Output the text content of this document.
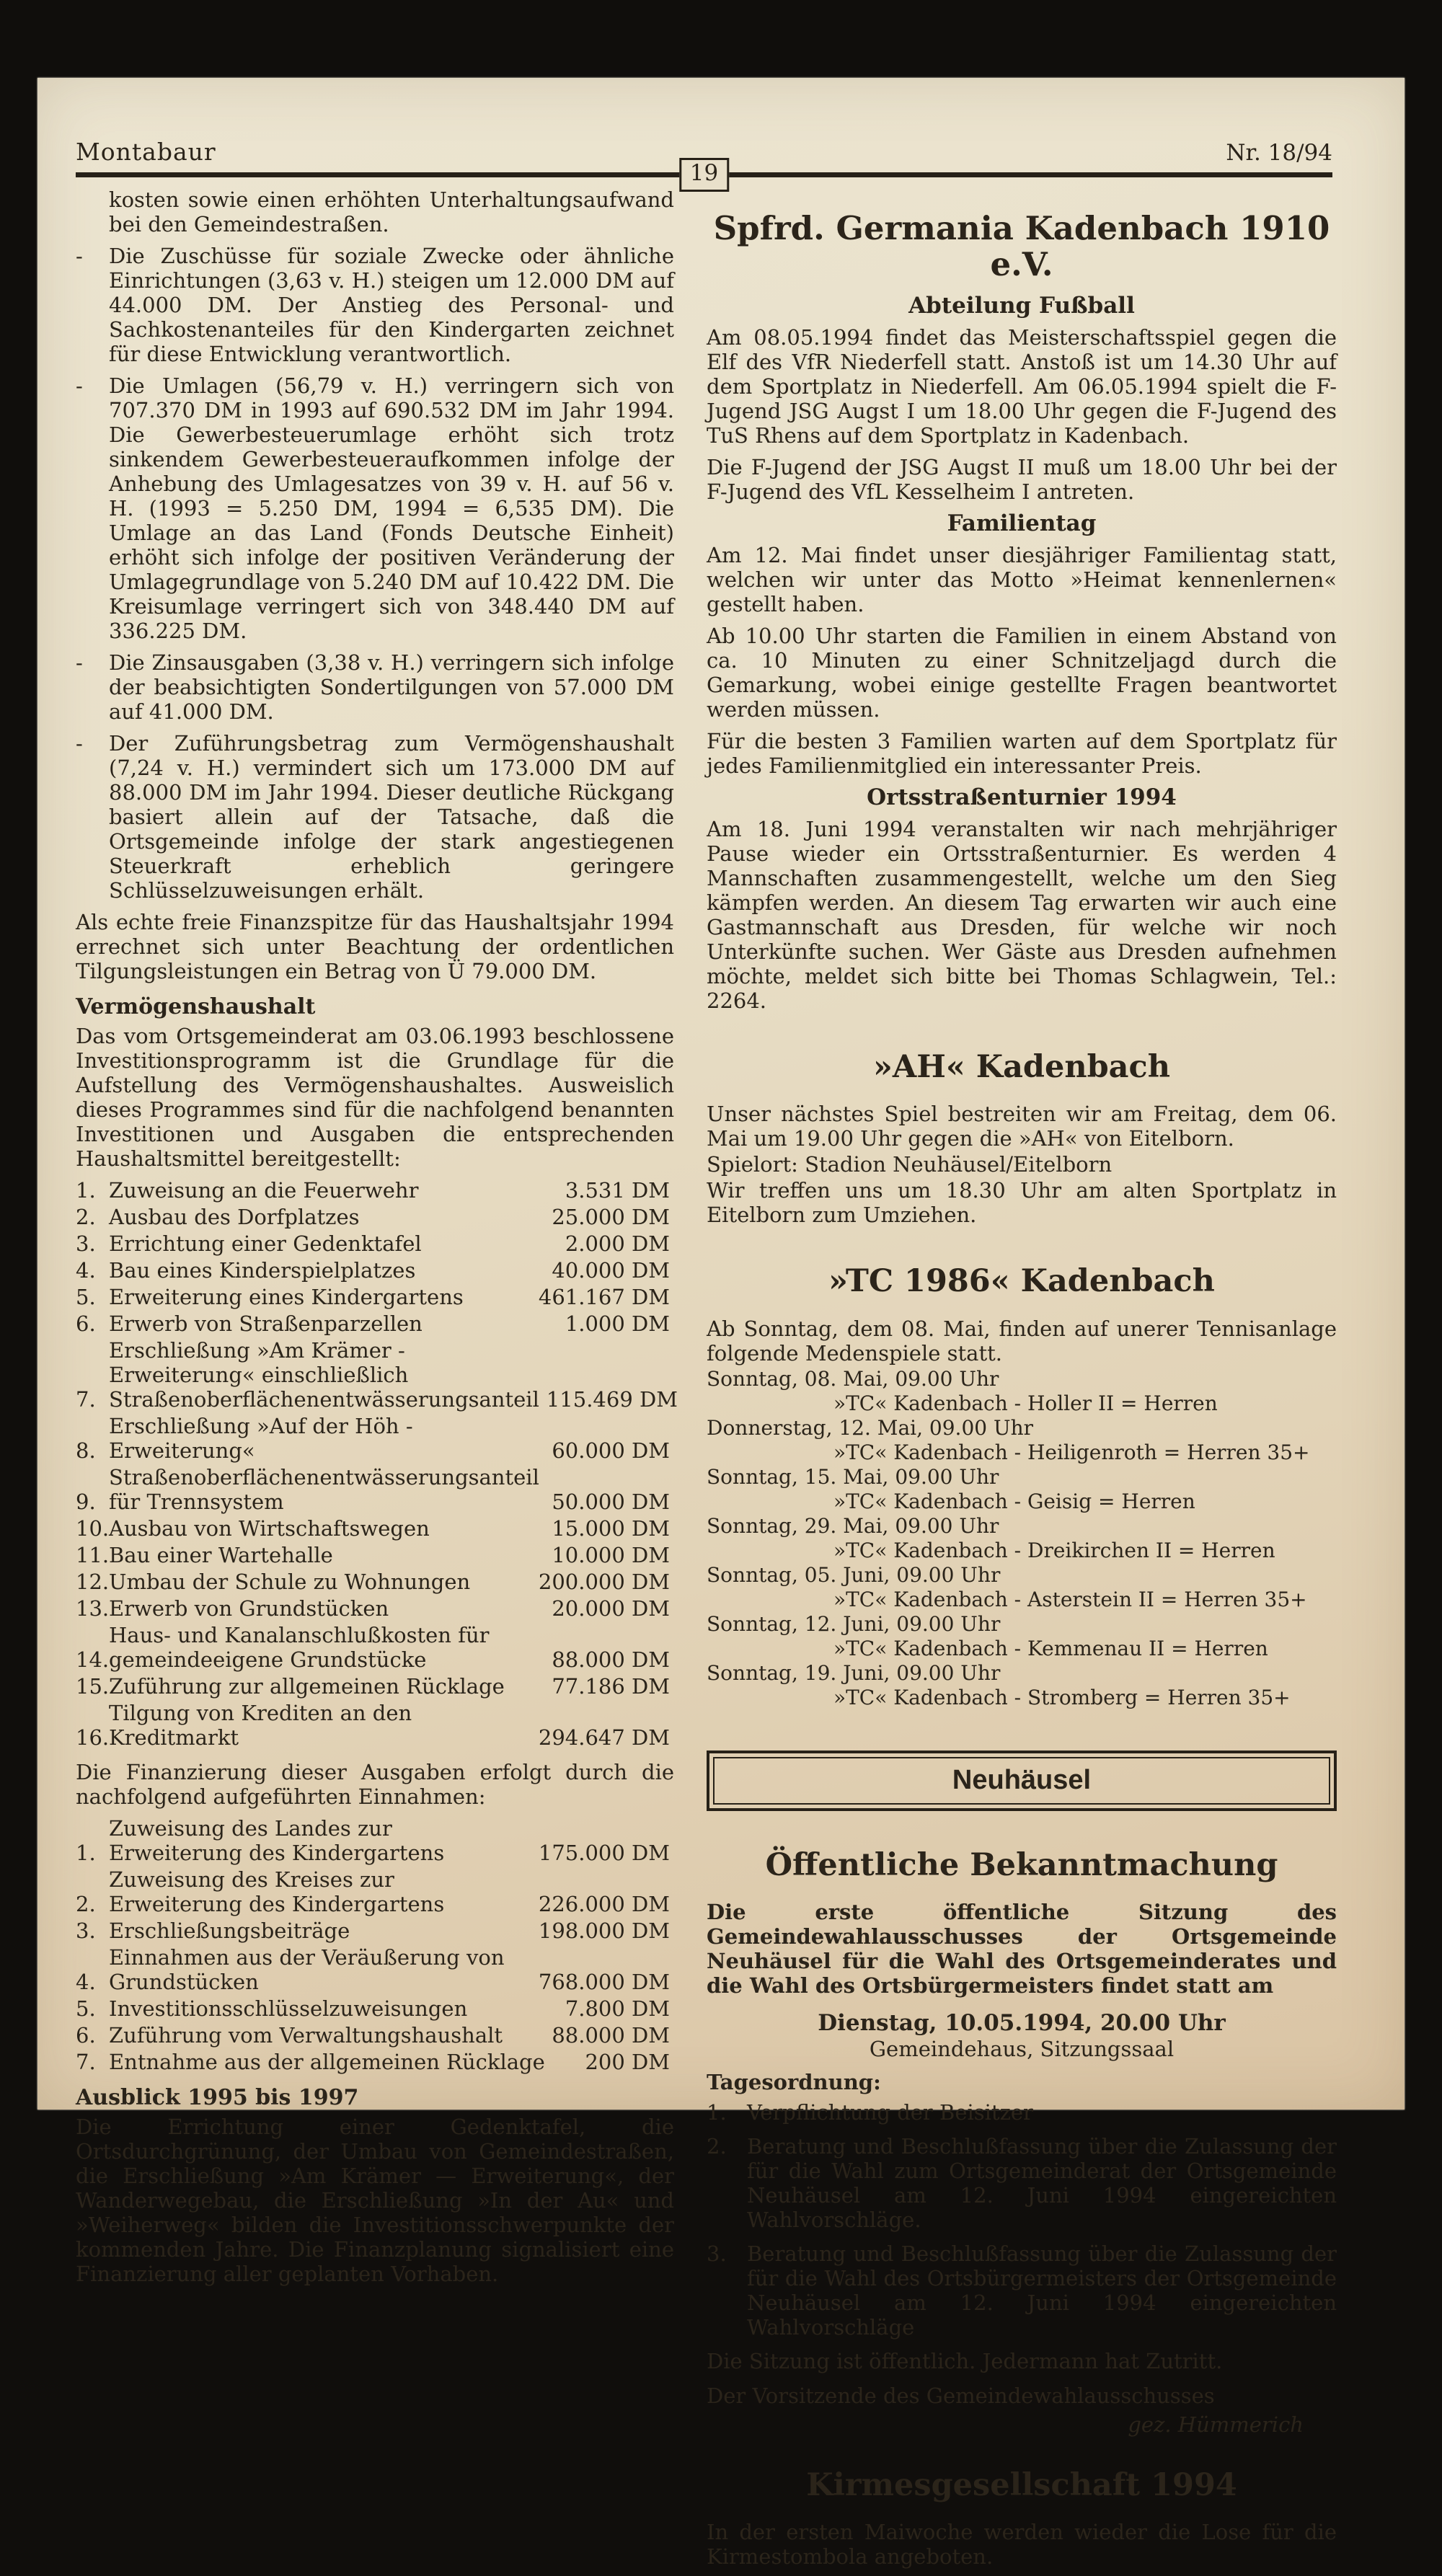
Montabaur	Nr. 18/94
19

kosten sowie einen erhöhten Unterhaltungsaufwand bei den Gemeindestraßen.

-	Die Zuschüsse für soziale Zwecke oder ähnliche Einrichtungen (3,63 v. H.) steigen um 12.000 DM auf 44.000 DM. Der Anstieg des Personal- und Sachkostenanteiles für den Kindergarten zeichnet für diese Entwicklung verantwortlich.
-	Die Umlagen (56,79 v. H.) verringern sich von 707.370 DM in 1993 auf 690.532 DM im Jahr 1994. Die Gewerbesteuerumlage erhöht sich trotz sinkendem Gewerbesteueraufkommen infolge der Anhebung des Umlagesatzes von 39 v. H. auf 56 v. H. (1993 = 5.250 DM, 1994 = 6,535 DM). Die Umlage an das Land (Fonds Deutsche Einheit) erhöht sich infolge der positiven Veränderung der Umlagegrundlage von 5.240 DM auf 10.422 DM. Die Kreisumlage verringert sich von 348.440 DM auf 336.225 DM.
-	Die Zinsausgaben (3,38 v. H.) verringern sich infolge der beabsichtigten Sondertilgungen von 57.000 DM auf 41.000 DM.
-	Der Zuführungsbetrag zum Vermögenshaushalt (7,24 v. H.) vermindert sich um 173.000 DM auf 88.000 DM im Jahr 1994. Dieser deutliche Rückgang basiert allein auf der Tatsache, daß die Ortsgemeinde infolge der stark angestiegenen Steuerkraft erheblich geringere Schlüsselzuweisungen erhält.

Als echte freie Finanzspitze für das Haushaltsjahr 1994 errechnet sich unter Beachtung der ordentlichen Tilgungsleistungen ein Betrag von Ü 79.000 DM.

Vermögenshaushalt

Das vom Ortsgemeinderat am 03.06.1993 beschlossene Investitionsprogramm ist die Grundlage für die Aufstellung des Vermögenshaushaltes. Ausweislich dieses Programmes sind für die nachfolgend benannten Investitionen und Ausgaben die entsprechenden Haushaltsmittel bereitgestellt:

1. Zuweisung an die Feuerwehr	3.531 DM
2. Ausbau des Dorfplatzes	25.000 DM
3. Errichtung einer Gedenktafel	2.000 DM
4. Bau eines Kinderspielplatzes	40.000 DM
5. Erweiterung eines Kindergartens	461.167 DM
6. Erwerb von Straßenparzellen	1.000 DM
7.
Erschließung »Am Krämer - Erweiterung« einschließlich Straßenoberflächenentwässerungsanteil 115.469 DM
8.
Erschließung »Auf der Höh - Erweiterung«	60.000 DM
9.
Straßenoberflächenentwässerungsanteil für Trennsystem	50.000 DM
10. Ausbau von Wirtschaftswegen	15.000 DM
11. Bau einer Wartehalle	10.000 DM
12. Umbau der Schule zu Wohnungen	200.000 DM
13. Erwerb von Grundstücken	20.000 DM
14.
Haus- und Kanalanschlußkosten für gemeindeeigene Grundstücke	88.000 DM
15. Zuführung zur allgemeinen Rücklage	77.186 DM
16.
Tilgung von Krediten an den Kreditmarkt	294.647 DM

Die Finanzierung dieser Ausgaben erfolgt durch die nachfolgend aufgeführten Einnahmen:

1.
Zuweisung des Landes zur Erweiterung des Kindergartens	175.000 DM
2.
Zuweisung des Kreises zur Erweiterung des Kindergartens	226.000 DM
3. Erschließungsbeiträge	198.000 DM
4.
Einnahmen aus der Veräußerung von Grundstücken	768.000 DM
5. Investitionsschlüsselzuweisungen	7.800 DM
6. Zuführung vom Verwaltungshaushalt	88.000 DM
7. Entnahme aus der allgemeinen Rücklage	200 DM
Ausblick 1995 bis 1997

Die Errichtung einer Gedenktafel, die Ortsdurchgrünung, der Umbau von Gemeindestraßen, die Erschließung »Am Krämer — Erweiterung«, der Wanderwegebau, die Erschließung »In der Au« und »Weiherweg« bilden die Investitionsschwerpunkte der kommenden Jahre. Die Finanzplanung signalisiert eine Finanzierung aller geplanten Vorhaben.

Spfrd. Germania Kadenbach 1910 e.V.
Abteilung Fußball

Am 08.05.1994 findet das Meisterschaftsspiel gegen die Elf des VfR Niederfell statt. Anstoß ist um 14.30 Uhr auf dem Sportplatz in Niederfell. Am 06.05.1994 spielt die F-Jugend JSG Augst I um 18.00 Uhr gegen die F-Jugend des TuS Rhens auf dem Sportplatz in Kadenbach.

Die F-Jugend der JSG Augst II muß um 18.00 Uhr bei der F-Jugend des VfL Kesselheim I antreten.

Familientag

Am 12. Mai findet unser diesjähriger Familientag statt, welchen wir unter das Motto »Heimat kennenlernen« gestellt haben.

Ab 10.00 Uhr starten die Familien in einem Abstand von ca. 10 Minuten zu einer Schnitzeljagd durch die Gemarkung, wobei einige gestellte Fragen beantwortet werden müssen.

Für die besten 3 Familien warten auf dem Sportplatz für jedes Familienmitglied ein interessanter Preis.

Ortsstraßenturnier 1994

Am 18. Juni 1994 veranstalten wir nach mehrjähriger Pause wieder ein Ortsstraßenturnier. Es werden 4 Mannschaften zusammengestellt, welche um den Sieg kämpfen werden. An diesem Tag erwarten wir auch eine Gastmannschaft aus Dresden, für welche wir noch Unterkünfte suchen. Wer Gäste aus Dresden aufnehmen möchte, meldet sich bitte bei Thomas Schlagwein, Tel.: 2264.

»AH« Kadenbach

Unser nächstes Spiel bestreiten wir am Freitag, dem 06. Mai um 19.00 Uhr gegen die »AH« von Eitelborn.

Spielort: Stadion Neuhäusel/Eitelborn

Wir treffen uns um 18.30 Uhr am alten Sportplatz in Eitelborn zum Umziehen.

»TC 1986« Kadenbach

Ab Sonntag, dem 08. Mai, finden auf unerer Tennisanlage folgende Medenspiele statt.

Sonntag, 08. Mai, 09.00 Uhr

»TC« Kadenbach - Holler II = Herren

Donnerstag, 12. Mai, 09.00 Uhr

»TC« Kadenbach - Heiligenroth = Herren 35+

Sonntag, 15. Mai, 09.00 Uhr

»TC« Kadenbach - Geisig = Herren

Sonntag, 29. Mai, 09.00 Uhr

»TC« Kadenbach - Dreikirchen II = Herren

Sonntag, 05. Juni, 09.00 Uhr

»TC« Kadenbach - Asterstein II = Herren 35+

Sonntag, 12. Juni, 09.00 Uhr

»TC« Kadenbach - Kemmenau II = Herren

Sonntag, 19. Juni, 09.00 Uhr

»TC« Kadenbach - Stromberg = Herren 35+

Neuhäusel
Öffentliche Bekanntmachung

Die erste öffentliche Sitzung des Gemeindewahlausschusses der Ortsgemeinde Neuhäusel für die Wahl des Ortsgemeinderates und die Wahl des Ortsbürgermeisters findet statt am

Dienstag, 10.05.1994, 20.00 Uhr

Gemeindehaus, Sitzungssaal

Tagesordnung:

1. Verpflichtung der Beisitzer
2. Beratung und Beschlußfassung über die Zulassung der für die Wahl zum Ortsgemeinderat der Ortsgemeinde Neuhäusel am 12. Juni 1994 eingereichten Wahlvorschläge.
3. Beratung und Beschlußfassung über die Zulassung der für die Wahl des Ortsbürgermeisters der Ortsgemeinde Neuhäusel am 12. Juni 1994 eingereichten Wahlvorschläge

Die Sitzung ist öffentlich. Jedermann hat Zutritt.

Der Vorsitzende des Gemeindewahlausschusses

gez. Hümmerich

Kirmesgesellschaft 1994

In der ersten Maiwoche werden wieder die Lose für die Kirmestombola angeboten.
